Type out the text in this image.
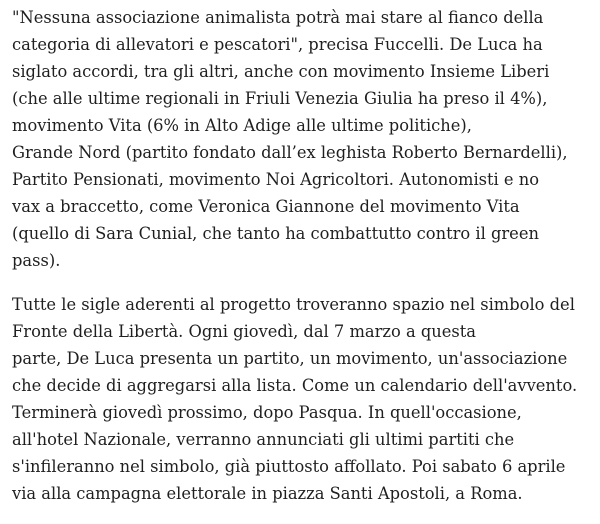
"Nessuna associazione animalista potrà mai stare al fianco della
categoria di allevatori e pescatori", precisa Fuccelli. De Luca ha
siglato accordi, tra gli altri, anche con movimento Insieme Liberi
(che alle ultime regionali in Friuli Venezia Giulia ha preso il 4%),
movimento Vita (6% in Alto Adige alle ultime politiche),
Grande Nord (partito fondato dall’ex leghista Roberto Bernardelli),
Partito Pensionati, movimento Noi Agricoltori. Autonomisti e no
vax a braccetto, come Veronica Giannone del movimento Vita
(quello di Sara Cunial, che tanto ha combattutto contro il green
pass).

Tutte le sigle aderenti al progetto troveranno spazio nel simbolo del
Fronte della Libertà. Ogni giovedì, dal 7 marzo a questa
parte, De Luca presenta un partito, un movimento, un'associazione
che decide di aggregarsi alla lista. Come un calendario dell'avvento.
Terminerà giovedì prossimo, dopo Pasqua. In quell'occasione,
all'hotel Nazionale, verranno annunciati gli ultimi partiti che
s'infileranno nel simbolo, già piuttosto affollato. Poi sabato 6 aprile
via alla campagna elettorale in piazza Santi Apostoli, a Roma.
